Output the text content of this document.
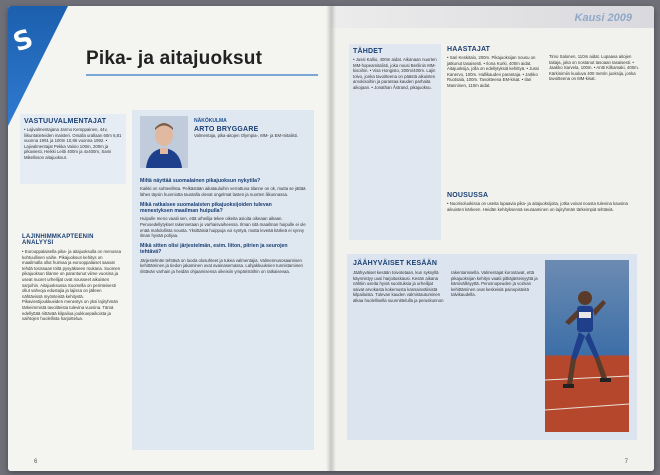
S
Pika- ja aitajuoksut
VASTUUVALMENTAJAT
• Lajivalmentajana Jarmo Kemppainen, 44v, liikuntatieteiden maisteri. Omalla urallaan 60m 6,81 vuonna 1991 ja 100m 10,86 vuonna 1992. • Lajivalmentajat Pekka Vainio 100m, 200m ja pikaviesti, Heikki Leitti 400m ja 4x400m, Sami Mikellsson aitajuoksut.
LAJINHIMMKAPTEENIN ANALYYSI
• Eurooppalaisella pika- ja aitajuoksulla on menossa kohtuullinen vaihe. Pikajuoksun kehitys on maailmalla ollut huimaa ja eurooppalaiset saavat tehdä tosissaan töitä pysyäkseen mukana. Suomen pikajuoksun tilanne on parantunut viime vuosina ja useat nuoret urheilijat ovat nousseet aikuisten sarjoihin. Aitajuoksussa Suomella on perinteisesti ollut vahvoja edustajia ja lajissa on jälleen nähtävissä myönteistä kehitystä. Pikaviestijoukkueiden menestys on yksi lajiryhmän tärkeimmistä tavoitteista tulevina vuosina. Tämä edellyttää riittävää kilpailua joukkuepaikoista ja vaihtojen huolellista harjoittelua.
NÄKÖKULMA
ARTO BRYGGARE
Valmentaja, pika-aitojen Olympia-, MM- ja EM-mitalisti.
Miltä näyttää suomalainen pikajuoksun nykytila?
Kaikki on suhteellista. Pelkästään aikatauluihin verrattuna tilanne on ok, mutta se jättää lähes täysin huomiotta taustalla olevat ongelmat lasten ja nuorten liikunnassa.
Mikä ratkaisee suomalaisten pikajuoksijoiden tulevan menestyksen maailman huipulla?
Huipulle meno vaatii sen, että urheilija tekee oikeita asioita oikeaan aikaan. Perusedellytykset rakennetaan jo varhaisvaiheessa. Ilman sitä maailman huipulle ei ole enää mahdollista nousta. Yksittäisiä huippuja voi syntyä, mutta leveää kärkeä ei synny ilman hyvää pohjaa.
Mikä sitten olisi järjestelmän, esim. liiton, piirien ja seurojen tehtävä?
Järjestelmän tehtävä on luoda olosuhteet ja tukea valmentajia. Valmennusosaamisen kehittäminen ja tiedon jakaminen ovat avainasemassa. Lahjakkuuksien tunnistaminen riittävän varhain ja heidän ohjaamisensa oikeisiin ympäristöihin on ratkaisevaa.
6
Kausi 2009
TÄHDET
• Jussi Kallio, 400m aidat. Aikanaan nuorten MM-hopeamitalisti, joka nousi Berliinin MM-kisoihin. • Visa Hongisto, 200m/400m. Lajin toivo, jonka tavoitteena on päästä aikuisten arvokisoihin ja parantaa kauden parhaita aikojaan. • Jonathan Åstrand, pikajuoksu.
HAASTAJAT
• Sari Keskitalo, 200m. Pikajuoksijan nousu on jatkunut tasaisesti. • Ilona Kurki, 400m aidat. Aitajuoksija, jolla on edellytyksiä kehittyä. • Jussi Kanervo, 100m. Hallikauden parantaja. • Jarkko Ruotsala, 100m. Tavoitteena EM-kisat. • Ilari Manninen, 110m aidat.
Timo Salonen, 110m aidat. Lupaava aitojen taitaja, joka on nostanut tasoaan tasaisesti. • Jaakko Sarvela, 100m. • Antti Kilkamaki, 400m. Kärkinimiin kuuluva 400 metrin juoksija, jonka tavoitteena on MM-kisat.
NOUSUSSA
• Nuorisoluokissa on useita lupaavia pika- ja aitajuoksijoita, jotka voivat nousta tulevina kausina aikuisten kärkeen. Heidän kehityksensä seuraaminen on lajiryhmän tärkeimpiä tehtäviä.
JÄÄHYVÄISET KESÄÄN
Jäähyväiset kesään toivotetaan, kun syksyllä käynnistyy uusi harjoituskausi. Kesän aikana nähtiin useita hyviä suorituksia ja urheilijat saivat arvokasta kokemusta kansainvälisistä kilpailuista. Tulevan kauden valmistautuminen alkaa huolellisella suunnittelulla ja peruskunnon rakentamisella. Valmentajat korostavat, että pikajuoksijan kehitys vaatii pitkäjänteisyyttä ja kärsivällisyyttä. Perusnopeuden ja voiman kehittäminen ovat keskeisiä painopisteitä talvikaudella.
7
